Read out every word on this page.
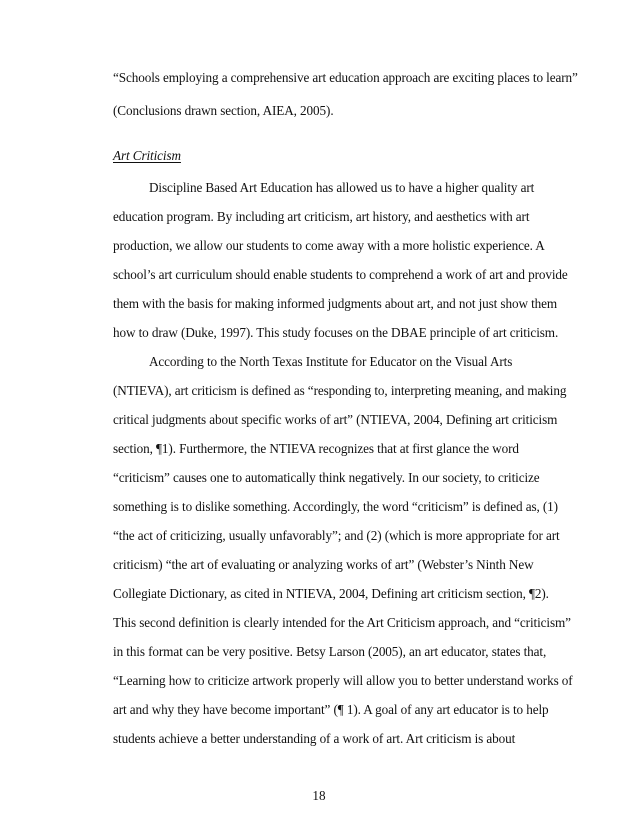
“Schools employing a comprehensive art education approach are exciting places to learn”
(Conclusions drawn section, AIEA, 2005).
Art Criticism
Discipline Based Art Education has allowed us to have a higher quality art
education program. By including art criticism, art history, and aesthetics with art
production, we allow our students to come away with a more holistic experience. A
school’s art curriculum should enable students to comprehend a work of art and provide
them with the basis for making informed judgments about art, and not just show them
how to draw (Duke, 1997). This study focuses on the DBAE principle of art criticism.
According to the North Texas Institute for Educator on the Visual Arts
(NTIEVA), art criticism is defined as “responding to, interpreting meaning, and making
critical judgments about specific works of art” (NTIEVA, 2004, Defining art criticism
section, ¶1). Furthermore, the NTIEVA recognizes that at first glance the word
“criticism” causes one to automatically think negatively. In our society, to criticize
something is to dislike something. Accordingly, the word “criticism” is defined as, (1)
“the act of criticizing, usually unfavorably”; and (2) (which is more appropriate for art
criticism) “the art of evaluating or analyzing works of art” (Webster’s Ninth New
Collegiate Dictionary, as cited in NTIEVA, 2004, Defining art criticism section, ¶2).
This second definition is clearly intended for the Art Criticism approach, and “criticism”
in this format can be very positive. Betsy Larson (2005), an art educator, states that,
“Learning how to criticize artwork properly will allow you to better understand works of
art and why they have become important” (¶ 1). A goal of any art educator is to help
students achieve a better understanding of a work of art. Art criticism is about
18
